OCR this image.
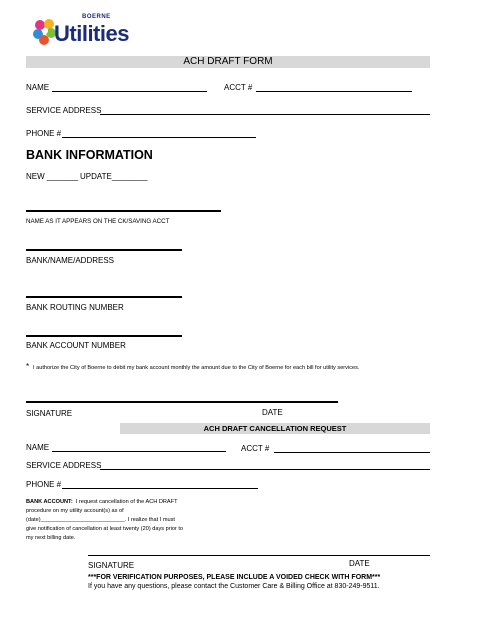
BOERNE
Utilities
ACH DRAFT FORM
NAME	ACCT #
SERVICE ADDRESS
PHONE #
BANK INFORMATION
NEW _______ UPDATE________
NAME AS IT APPEARS ON THE CK/SAVING ACCT
BANK/NAME/ADDRESS
BANK ROUTING NUMBER
BANK ACCOUNT NUMBER
* I authorize the City of Boerne to debit my bank account monthly the amount due to the City of Boerne for each bill for utility services.
SIGNATURE	DATE
ACH DRAFT CANCELLATION REQUEST
NAME	ACCT #
SERVICE ADDRESS
PHONE #
BANK ACCOUNT: I request cancellation of the ACH DRAFT
procedure on my utility account(s) as of
(date)___________________________. I realize that I must
give notification of cancellation at least twenty (20) days prior to
my next billing date.
SIGNATURE	DATE
***FOR VERIFICATION PURPOSES, PLEASE INCLUDE A VOIDED CHECK WITH FORM***
If you have any questions, please contact the Customer Care & Billing Office at 830-249-9511.
